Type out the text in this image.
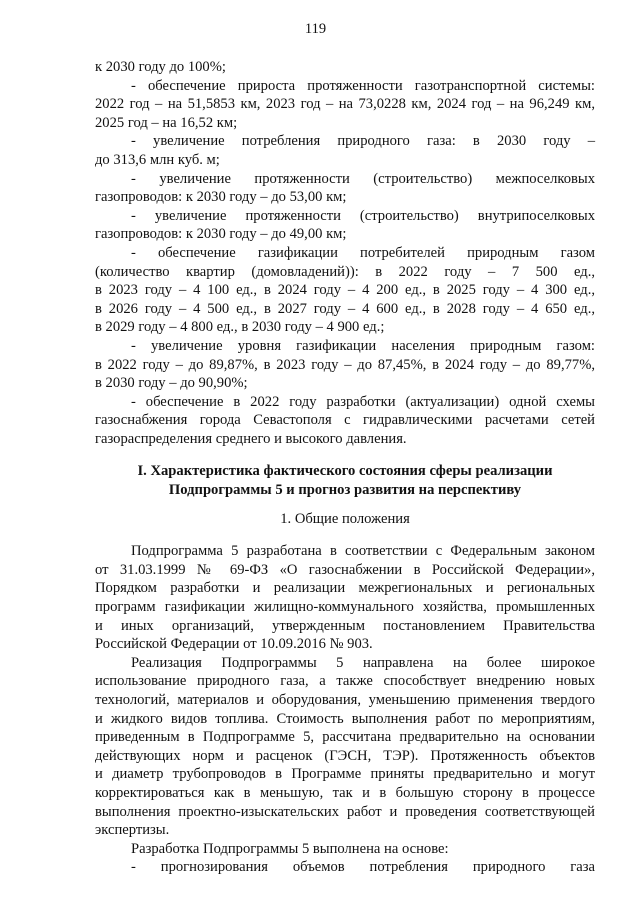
119
к 2030 году до 100%;
- обеспечение прироста протяженности газотранспортной системы:
2022 год – на 51,5853 км, 2023 год – на 73,0228 км, 2024 год – на 96,249 км,
2025 год – на 16,52 км;
- увеличение потребления природного газа: в 2030 году –
до 313,6 млн куб. м;
- увеличение протяженности (строительство) межпоселковых
газопроводов: к 2030 году – до 53,00 км;
- увеличение протяженности (строительство) внутрипоселковых
газопроводов: к 2030 году – до 49,00 км;
- обеспечение газификации потребителей природным газом
(количество квартир (домовладений)): в 2022 году – 7 500 ед.,
в 2023 году – 4 100 ед., в 2024 году – 4 200 ед., в 2025 году – 4 300 ед.,
в 2026 году – 4 500 ед., в 2027 году – 4 600 ед., в 2028 году – 4 650 ед.,
в 2029 году – 4 800 ед., в 2030 году – 4 900 ед.;
- увеличение уровня газификации населения природным газом:
в 2022 году – до 89,87%, в 2023 году – до 87,45%, в 2024 году – до 89,77%,
в 2030 году – до 90,90%;
- обеспечение в 2022 году разработки (актуализации) одной схемы
газоснабжения города Севастополя с гидравлическими расчетами сетей
газораспределения среднего и высокого давления.
I. Характеристика фактического состояния сферы реализации
Подпрограммы 5 и прогноз развития на перспективу
1. Общие положения
Подпрограмма 5 разработана в соответствии с Федеральным законом
от 31.03.1999 № 69-ФЗ «О газоснабжении в Российской Федерации»,
Порядком разработки и реализации межрегиональных и региональных
программ газификации жилищно-коммунального хозяйства, промышленных
и иных организаций, утвержденным постановлением Правительства
Российской Федерации от 10.09.2016 № 903.
Реализация Подпрограммы 5 направлена на более широкое
использование природного газа, а также способствует внедрению новых
технологий, материалов и оборудования, уменьшению применения твердого
и жидкого видов топлива. Стоимость выполнения работ по мероприятиям,
приведенным в Подпрограмме 5, рассчитана предварительно на основании
действующих норм и расценок (ГЭСН, ТЭР). Протяженность объектов
и диаметр трубопроводов в Программе приняты предварительно и могут
корректироваться как в меньшую, так и в большую сторону в процессе
выполнения проектно-изыскательских работ и проведения соответствующей
экспертизы.
Разработка Подпрограммы 5 выполнена на основе:
- прогнозирования объемов потребления природного газа
